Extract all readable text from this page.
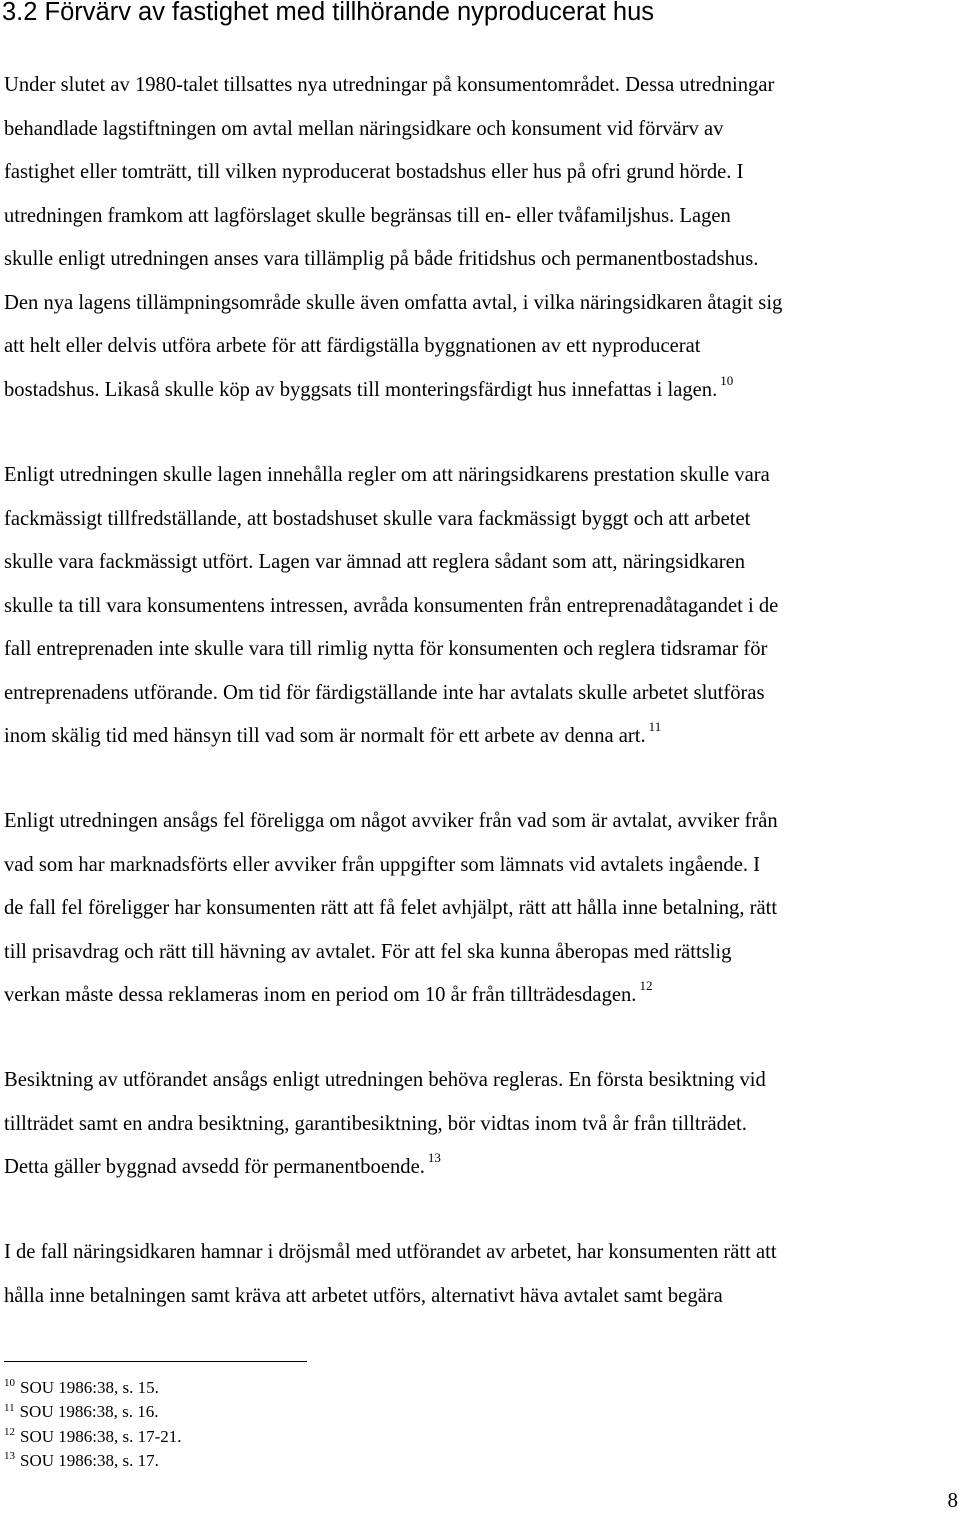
3.2 Förvärv av fastighet med tillhörande nyproducerat hus

Under slutet av 1980-talet tillsattes nya utredningar på konsumentområdet. Dessa utredningar
behandlade lagstiftningen om avtal mellan näringsidkare och konsument vid förvärv av
fastighet eller tomträtt, till vilken nyproducerat bostadshus eller hus på ofri grund hörde. I
utredningen framkom att lagförslaget skulle begränsas till en- eller tvåfamiljshus. Lagen
skulle enligt utredningen anses vara tillämplig på både fritidshus och permanentbostadshus.
Den nya lagens tillämpningsområde skulle även omfatta avtal, i vilka näringsidkaren åtagit sig
att helt eller delvis utföra arbete för att färdigställa byggnationen av ett nyproducerat
bostadshus. Likaså skulle köp av byggsats till monteringsfärdigt hus innefattas i lagen. $^{10}$

Enligt utredningen skulle lagen innehålla regler om att näringsidkarens prestation skulle vara
fackmässigt tillfredställande, att bostadshuset skulle vara fackmässigt byggt och att arbetet
skulle vara fackmässigt utfört. Lagen var ämnad att reglera sådant som att, näringsidkaren
skulle ta till vara konsumentens intressen, avråda konsumenten från entreprenadåtagandet i de
fall entreprenaden inte skulle vara till rimlig nytta för konsumenten och reglera tidsramar för
entreprenadens utförande. Om tid för färdigställande inte har avtalats skulle arbetet slutföras
inom skälig tid med hänsyn till vad som är normalt för ett arbete av denna art. $^{11}$

Enligt utredningen ansågs fel föreligga om något avviker från vad som är avtalat, avviker från
vad som har marknadsförts eller avviker från uppgifter som lämnats vid avtalets ingående. I
de fall fel föreligger har konsumenten rätt att få felet avhjälpt, rätt att hålla inne betalning, rätt
till prisavdrag och rätt till hävning av avtalet. För att fel ska kunna åberopas med rättslig
verkan måste dessa reklameras inom en period om 10 år från tillträdesdagen. $^{12}$

Besiktning av utförandet ansågs enligt utredningen behöva regleras. En första besiktning vid
tillträdet samt en andra besiktning, garantibesiktning, bör vidtas inom två år från tillträdet.
Detta gäller byggnad avsedd för permanentboende. $^{13}$

I de fall näringsidkaren hamnar i dröjsmål med utförandet av arbetet, har konsumenten rätt att
hålla inne betalningen samt kräva att arbetet utförs, alternativt häva avtalet samt begära

$^{10}$ SOU 1986:38, s. 15.
$^{11}$ SOU 1986:38, s. 16.
$^{12}$ SOU 1986:38, s. 17-21.
$^{13}$ SOU 1986:38, s. 17.
8
